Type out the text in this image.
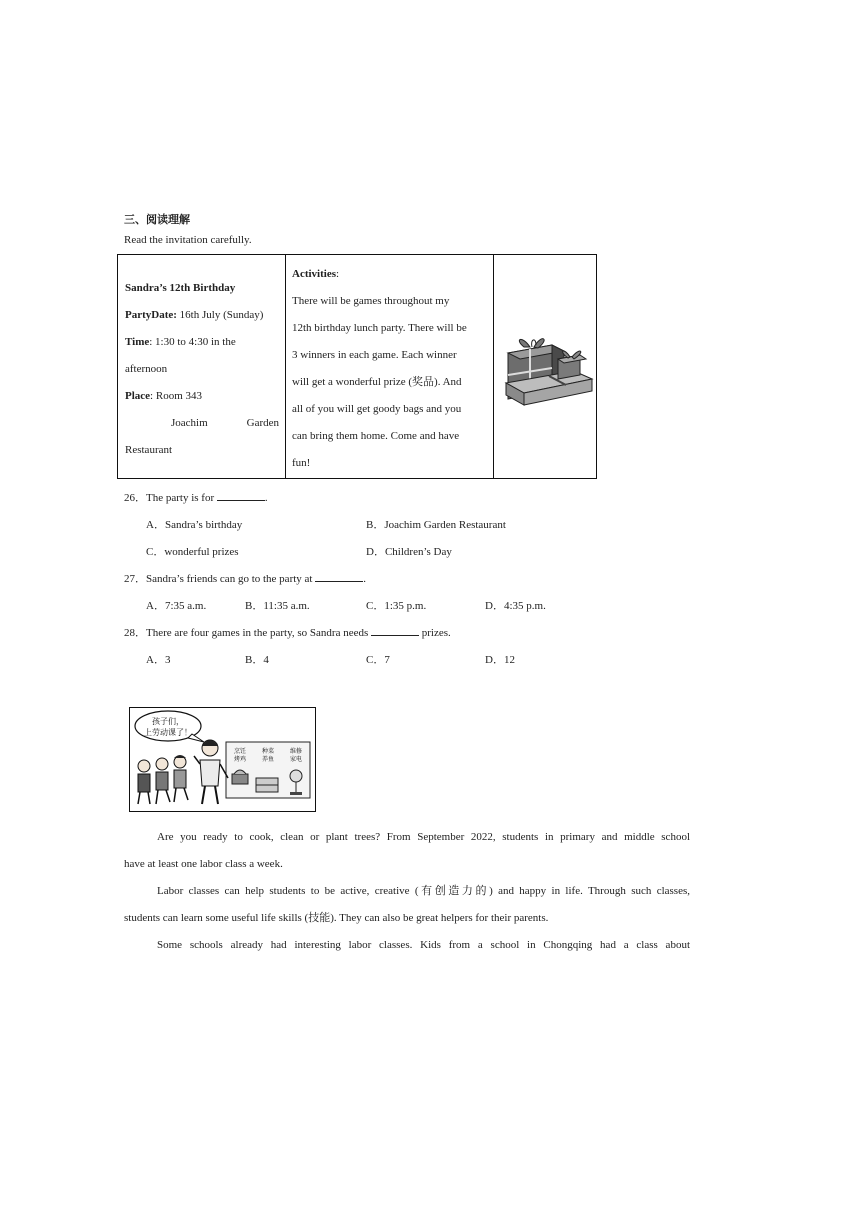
三、阅读理解
Read the invitation carefully.
Sandra’s 12th Birthday
PartyDate: 16th July (Sunday)
Time: 1:30 to 4:30 in the
afternoon
Place: Room 343
Joachim	Garden
Restaurant
Activities:
There will be games throughout my
12th birthday lunch party. There will be
3 winners in each game. Each winner
will get a wonderful prize (奖品). And
all of you will get goody bags and you
can bring them home. Come and have
fun!
26．The party is for	.
A．Sandra’s birthday	B．Joachim Garden Restaurant
C．wonderful prizes	D．Children’s Day
27．Sandra’s friends can go to the party at	.
A．7:35 a.m.	B．11:35 a.m.	C．1:35 p.m.	D．4:35 p.m.
28．There are four games in the party, so Sandra needs	prizes.
A．3	B．4	C．7	D．12
孩子们，
上劳动课了！
烹饪
烤鸡
种菜
养鱼
维修
家电
Are you ready to cook, clean or plant trees? From September 2022, students in primary and middle school
have at least one labor class a week.
Labor classes can help students to be active, creative (有创造力的) and happy in life. Through such classes,
students can learn some useful life skills (技能). They can also be great helpers for their parents.
Some schools already had interesting labor classes. Kids from a school in Chongqing had a class about
